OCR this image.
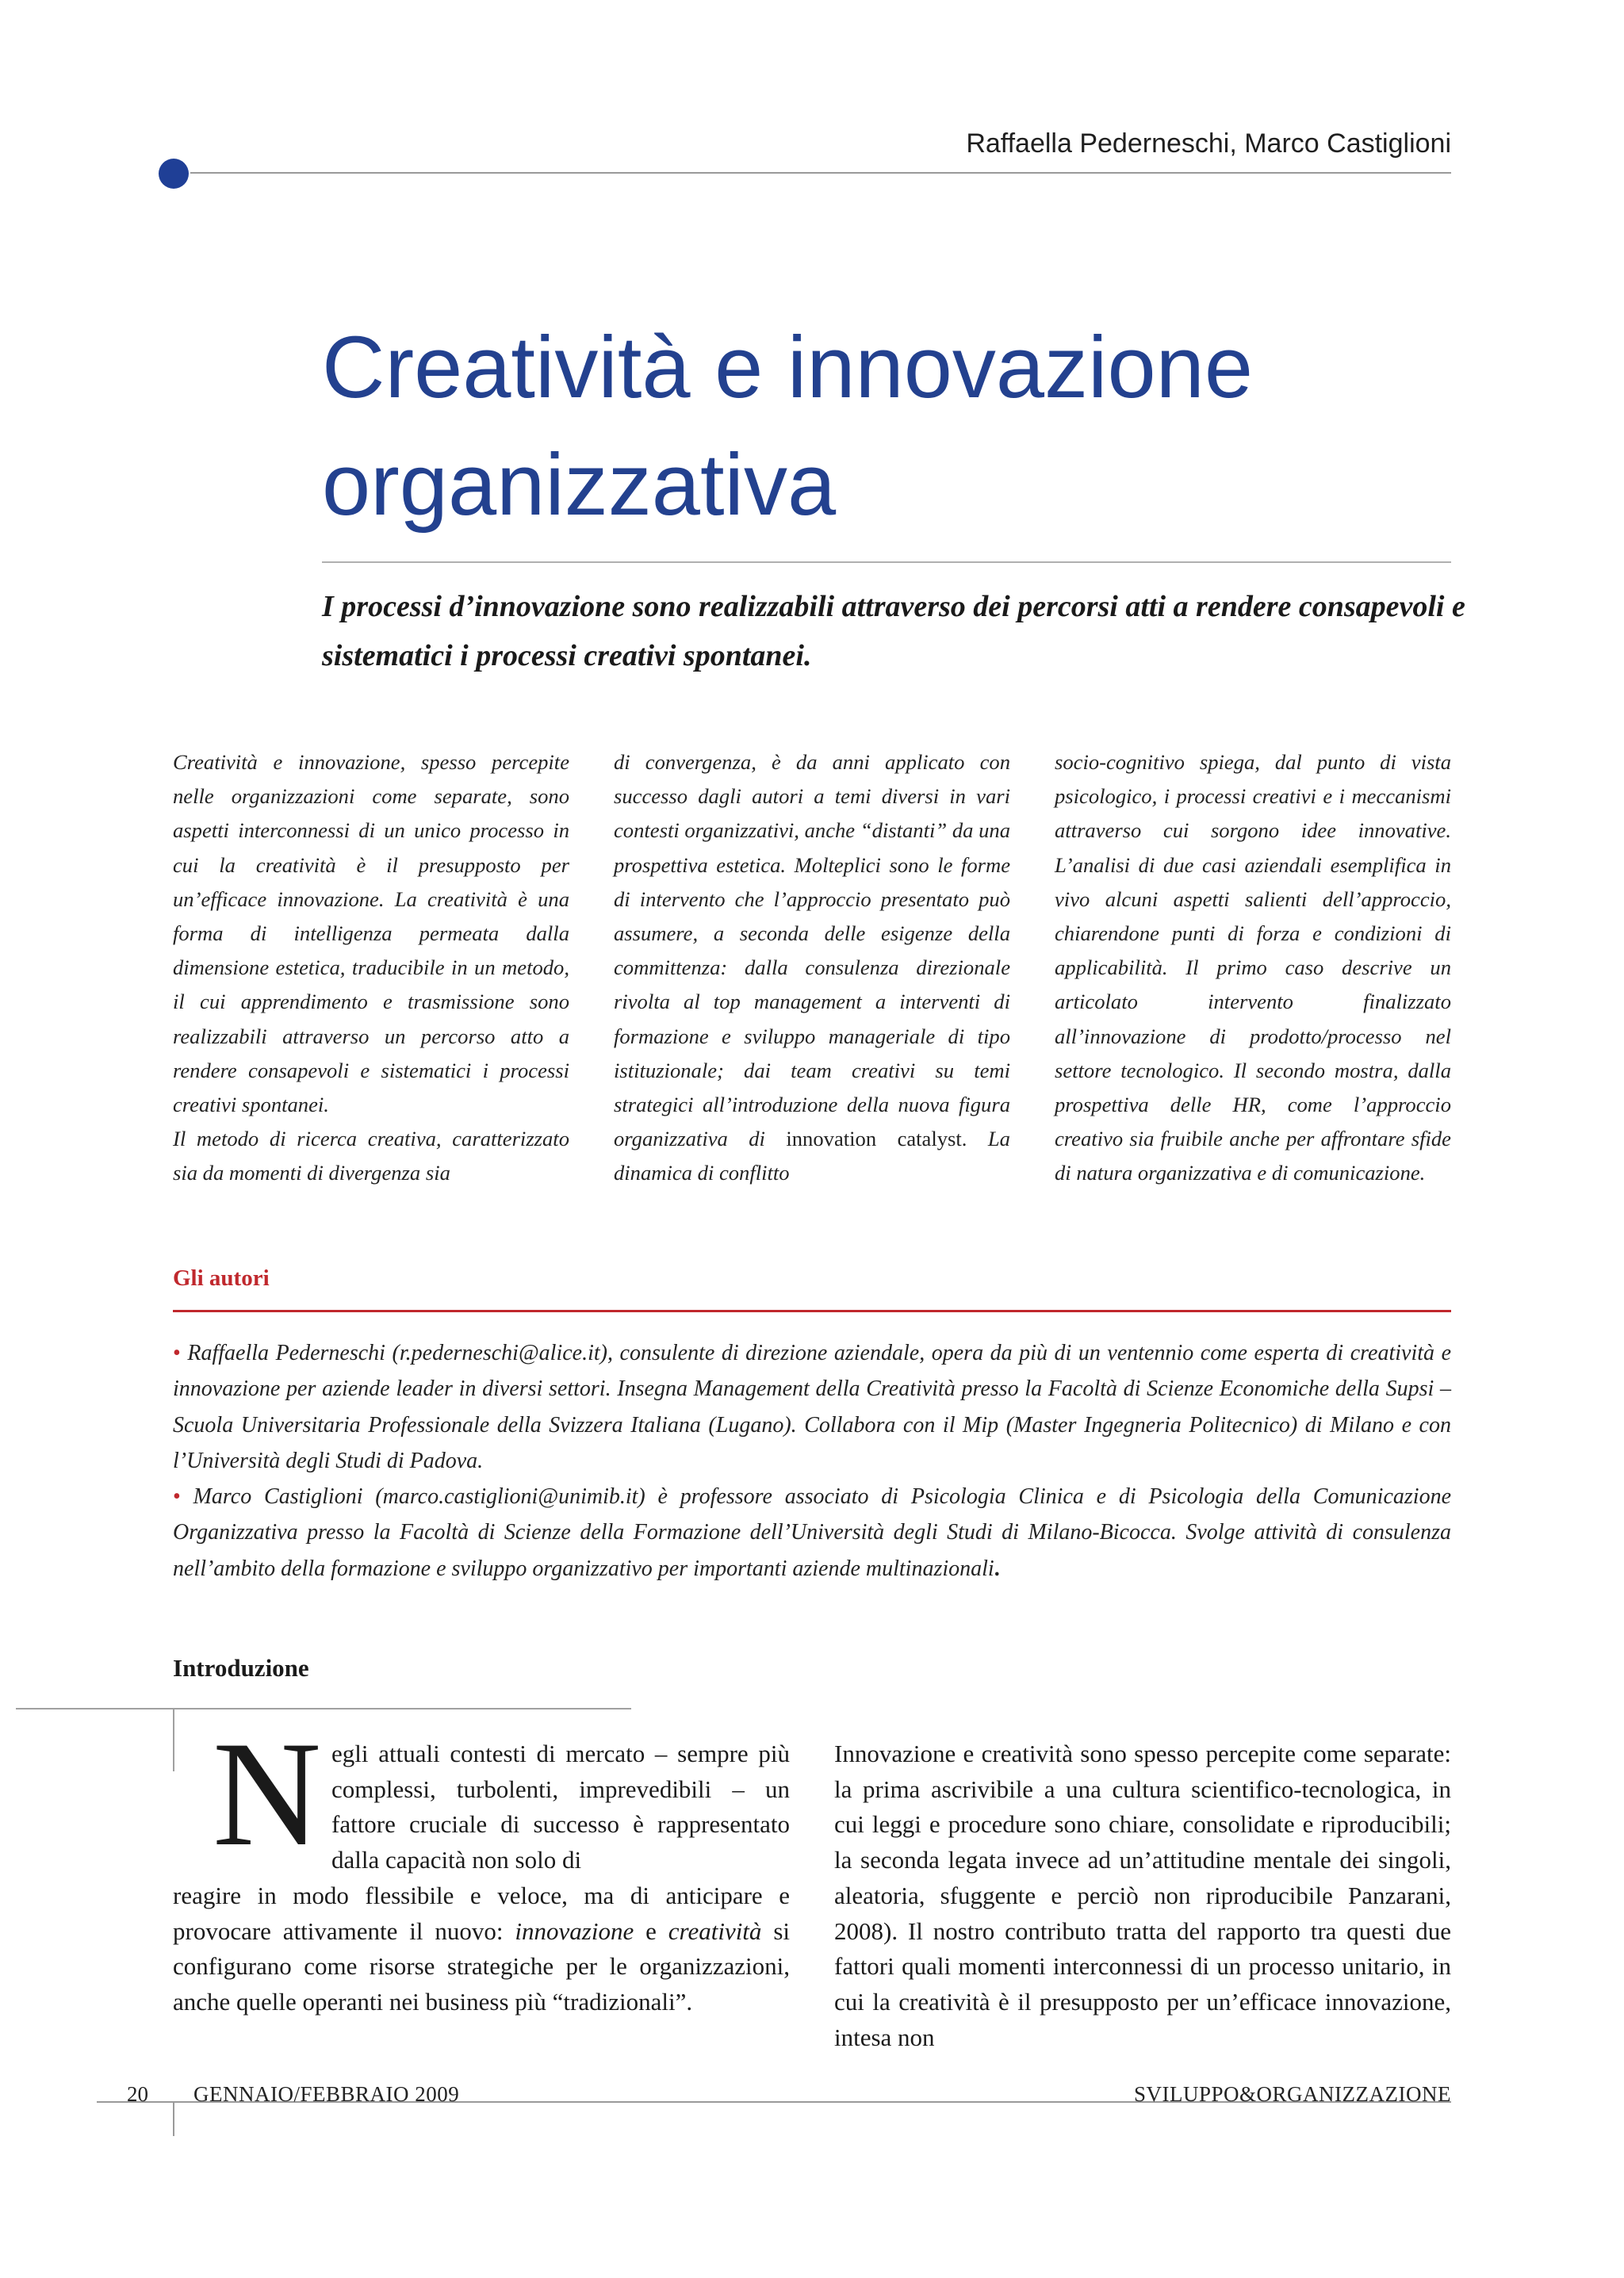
Raffaella Pederneschi, Marco Castiglioni
Creatività e innovazione
organizzativa

I processi d’innovazione sono realizzabili attraverso dei percorsi atti a rendere consapevoli e sistematici i processi creativi spontanei.

Creatività e innovazione, spesso percepite nelle organizzazioni come separate, sono aspetti interconnessi di un unico processo in cui la creatività è il presupposto per un’efficace innovazione. La creatività è una forma di intelligenza permeata dalla dimensione estetica, traducibile in un metodo, il cui apprendimento e trasmissione sono realizzabili attraverso un percorso atto a rendere consapevoli e sistematici i processi creativi spontanei.

Il metodo di ricerca creativa, caratterizzato sia da momenti di divergenza sia

di convergenza, è da anni applicato con successo dagli autori a temi diversi in vari contesti organizzativi, anche “distanti” da una prospettiva estetica. Molteplici sono le forme di intervento che l’approccio presentato può assumere, a seconda delle esigenze della committenza: dalla consulenza direzionale rivolta al top management a interventi di formazione e sviluppo manageriale di tipo istituzionale; dai team creativi su temi strategici all’introduzione della nuova figura organizzativa di innovation catalyst. La dinamica di conflitto

socio-cognitivo spiega, dal punto di vista psicologico, i processi creativi e i meccanismi attraverso cui sorgono idee innovative. L’analisi di due casi aziendali esemplifica in vivo alcuni aspetti salienti dell’approccio, chiarendone punti di forza e condizioni di applicabilità. Il primo caso descrive un articolato intervento finalizzato all’innovazione di prodotto/processo nel settore tecnologico. Il secondo mostra, dalla prospettiva delle HR, come l’approccio creativo sia fruibile anche per affrontare sfide di natura organizzativa e di comunicazione.

Gli autori

• Raffaella Pederneschi (r.pederneschi@alice.it), consulente di direzione aziendale, opera da più di un ventennio come esperta di creatività e innovazione per aziende leader in diversi settori. Insegna Management della Creatività presso la Facoltà di Scienze Economiche della Supsi – Scuola Universitaria Professionale della Svizzera Italiana (Lugano). Collabora con il Mip (Master Ingegneria Politecnico) di Milano e con l’Università degli Studi di Padova.

• Marco Castiglioni (marco.castiglioni@unimib.it) è professore associato di Psicologia Clinica e di Psicologia della Comunicazione Organizzativa presso la Facoltà di Scienze della Formazione dell’Università degli Studi di Milano-Bicocca. Svolge attività di consulenza nell’ambito della formazione e sviluppo organizzativo per importanti aziende multinazionali.

Introduzione
N egli attuali contesti di mercato – sempre più complessi, turbolenti, imprevedibili – un fattore cruciale di successo è rappresentato dalla capacità non solo di

reagire in modo flessibile e veloce, ma di anticipare e provocare attivamente il nuovo: innovazione e creatività si configurano come risorse strategiche per le organizzazioni, anche quelle operanti nei business più “tradizionali”.

Innovazione e creatività sono spesso percepite come separate: la prima ascrivibile a una cultura scientifico-tecnologica, in cui leggi e procedure sono chiare, consolidate e riproducibili; la seconda legata invece ad un’attitudine mentale dei singoli, aleatoria, sfuggente e perciò non riproducibile Panzarani, 2008). Il nostro contributo tratta del rapporto tra questi due fattori quali momenti interconnessi di un processo unitario, in cui la creatività è il presupposto per un’efficace innovazione, intesa non

20 GENNAIO/FEBBRAIO 2009	SVILUPPO&ORGANIZZAZIONE
